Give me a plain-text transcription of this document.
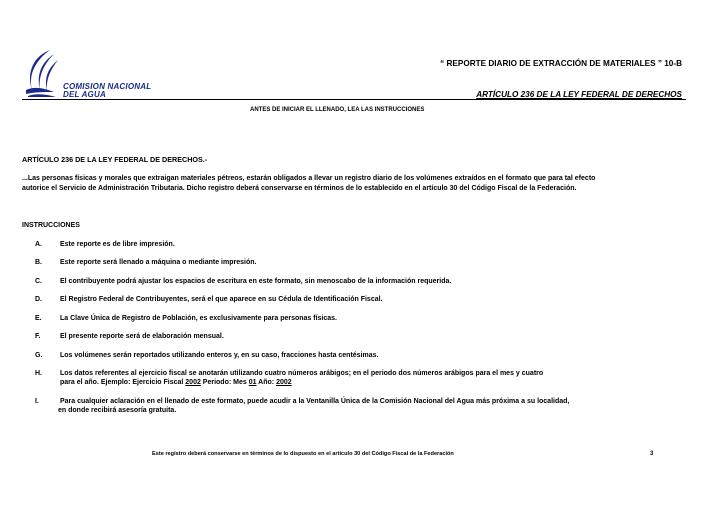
COMISION NACIONAL
DEL AGUA
“ REPORTE DIARIO DE EXTRACCIÓN DE MATERIALES ” 10-B
ARTÍCULO 236 DE LA LEY FEDERAL DE DERECHOS
ANTES DE INICIAR EL LLENADO, LEA LAS INSTRUCCIONES
ARTÍCULO 236 DE LA LEY FEDERAL DE DERECHOS.-
...Las personas físicas y morales que extraigan materiales pétreos, estarán obligados a llevar un registro diario de los volúmenes extraídos en el formato que para tal efecto
autorice el Servicio de Administración Tributaria. Dicho registro deberá conservarse en términos de lo establecido en el artículo 30 del Código Fiscal de la Federación.
INSTRUCCIONES
A.	Este reporte es de libre impresión.
B.	Este reporte será llenado a máquina o mediante impresión.
C.	El contribuyente podrá ajustar los espacios de escritura en este formato, sin menoscabo de la información requerida.
D.	El Registro Federal de Contribuyentes, será el que aparece en su Cédula de Identificación Fiscal.
E.	La Clave Única de Registro de Población, es exclusivamente para personas físicas.
F.	El presente reporte será de elaboración mensual.
G.	Los volúmenes serán reportados utilizando enteros y, en su caso, fracciones hasta centésimas.
H.	Los datos referentes al ejercicio fiscal se anotarán utilizando cuatro números arábigos; en el periodo dos números arábigos para el mes y cuatro
para el año. Ejemplo: Ejercicio Fiscal 2002 Periodo: Mes 01 Año: 2002
I.	Para cualquier aclaración en el llenado de este formato, puede acudir a la Ventanilla Única de la Comisión Nacional del Agua más próxima a su localidad,
en donde recibirá asesoría gratuita.
Este registro deberá conservarse en términos de lo dispuesto en el artículo 30 del Código Fiscal de la Federación	3
